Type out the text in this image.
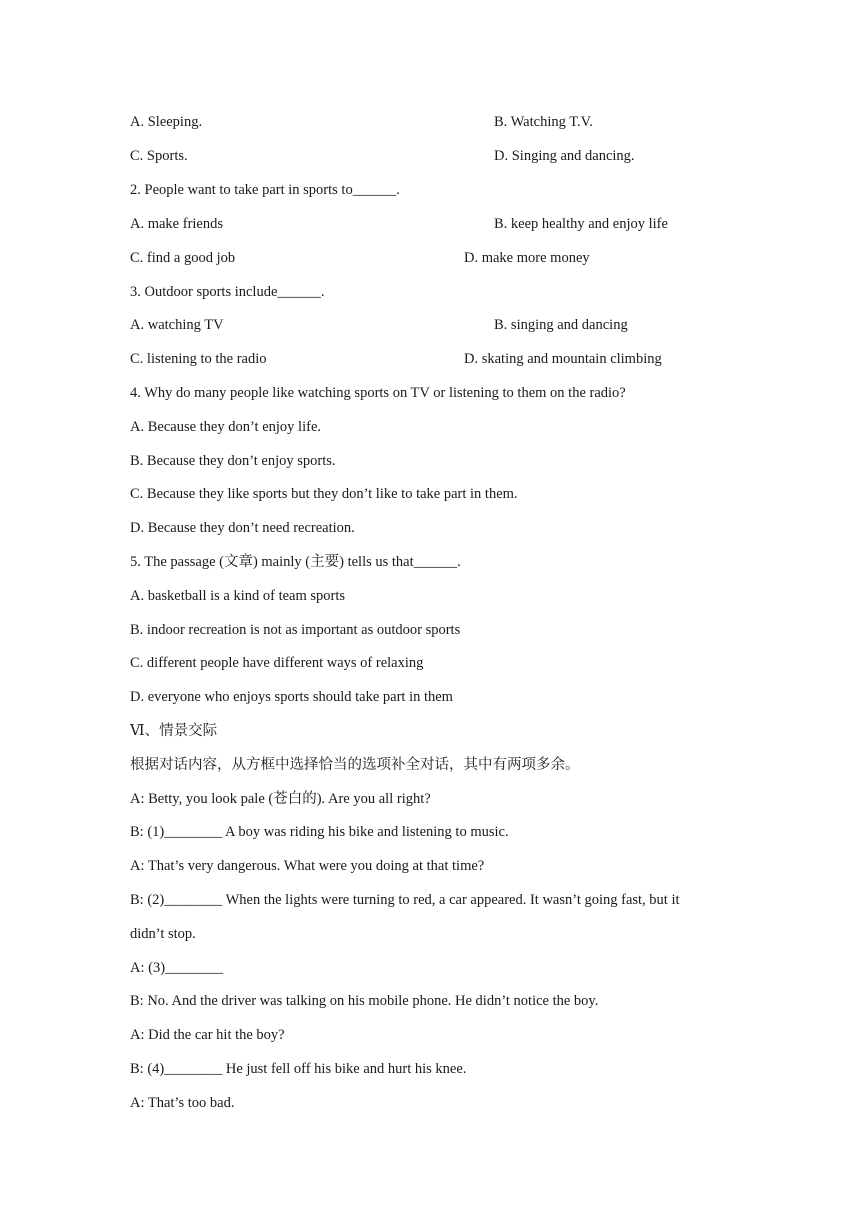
A. Sleeping.	B. Watching T.V.
C. Sports.	D. Singing and dancing.
2. People want to take part in sports to______.
A. make friends	B. keep healthy and enjoy life
C. find a good job	D. make more money
3. Outdoor sports include______.
A. watching TV	B. singing and dancing
C. listening to the radio	D. skating and mountain climbing
4. Why do many people like watching sports on TV or listening to them on the radio?
A. Because they don’t enjoy life.
B. Because they don’t enjoy sports.
C. Because they like sports but they don’t like to take part in them.
D. Because they don’t need recreation.
5. The passage (文章) mainly (主要) tells us that______.
A. basketball is a kind of team sports
B. indoor recreation is not as important as outdoor sports
C. different people have different ways of relaxing
D. everyone who enjoys sports should take part in them
Ⅵ、情景交际
根据对话内容，从方框中选择恰当的选项补全对话，其中有两项多余。
A: Betty, you look pale (苍白的). Are you all right?
B: (1)________ A boy was riding his bike and listening to music.
A: That’s very dangerous. What were you doing at that time?
B: (2)________ When the lights were turning to red, a car appeared. It wasn’t going fast, but it
didn’t stop.
A: (3)________
B: No. And the driver was talking on his mobile phone. He didn’t notice the boy.
A: Did the car hit the boy?
B: (4)________ He just fell off his bike and hurt his knee.
A: That’s too bad.
